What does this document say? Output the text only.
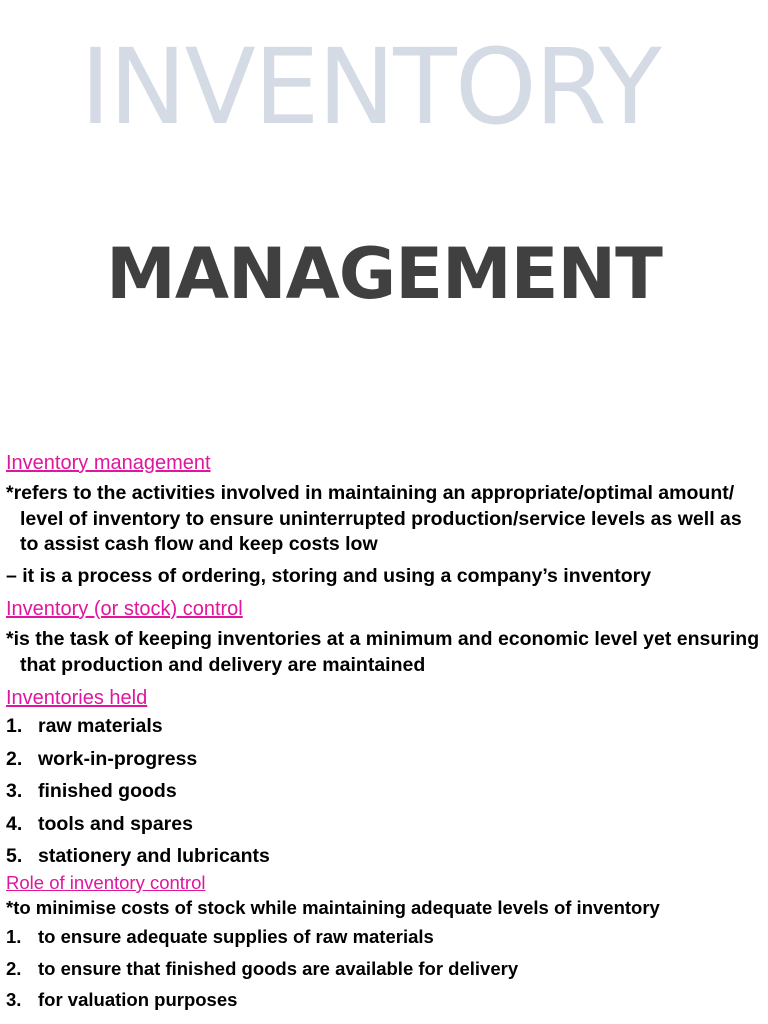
INVENTORY
MANAGEMENT
Inventory management
*refers to the activities involved in maintaining an appropriate/optimal amount/ level of inventory to ensure uninterrupted production/service levels as well as to assist cash flow and keep costs low
– it is a process of ordering, storing and using a company’s inventory
Inventory (or stock) control
*is the task of keeping inventories at a minimum and economic level yet ensuring that production and delivery are maintained
Inventories held
1. raw materials
2. work-in-progress
3. finished goods
4. tools and spares
5. stationery and lubricants
Role of inventory control
*to minimise costs of stock while maintaining adequate levels of inventory
1. to ensure adequate supplies of raw materials
2. to ensure that finished goods are available for delivery
3. for valuation purposes
